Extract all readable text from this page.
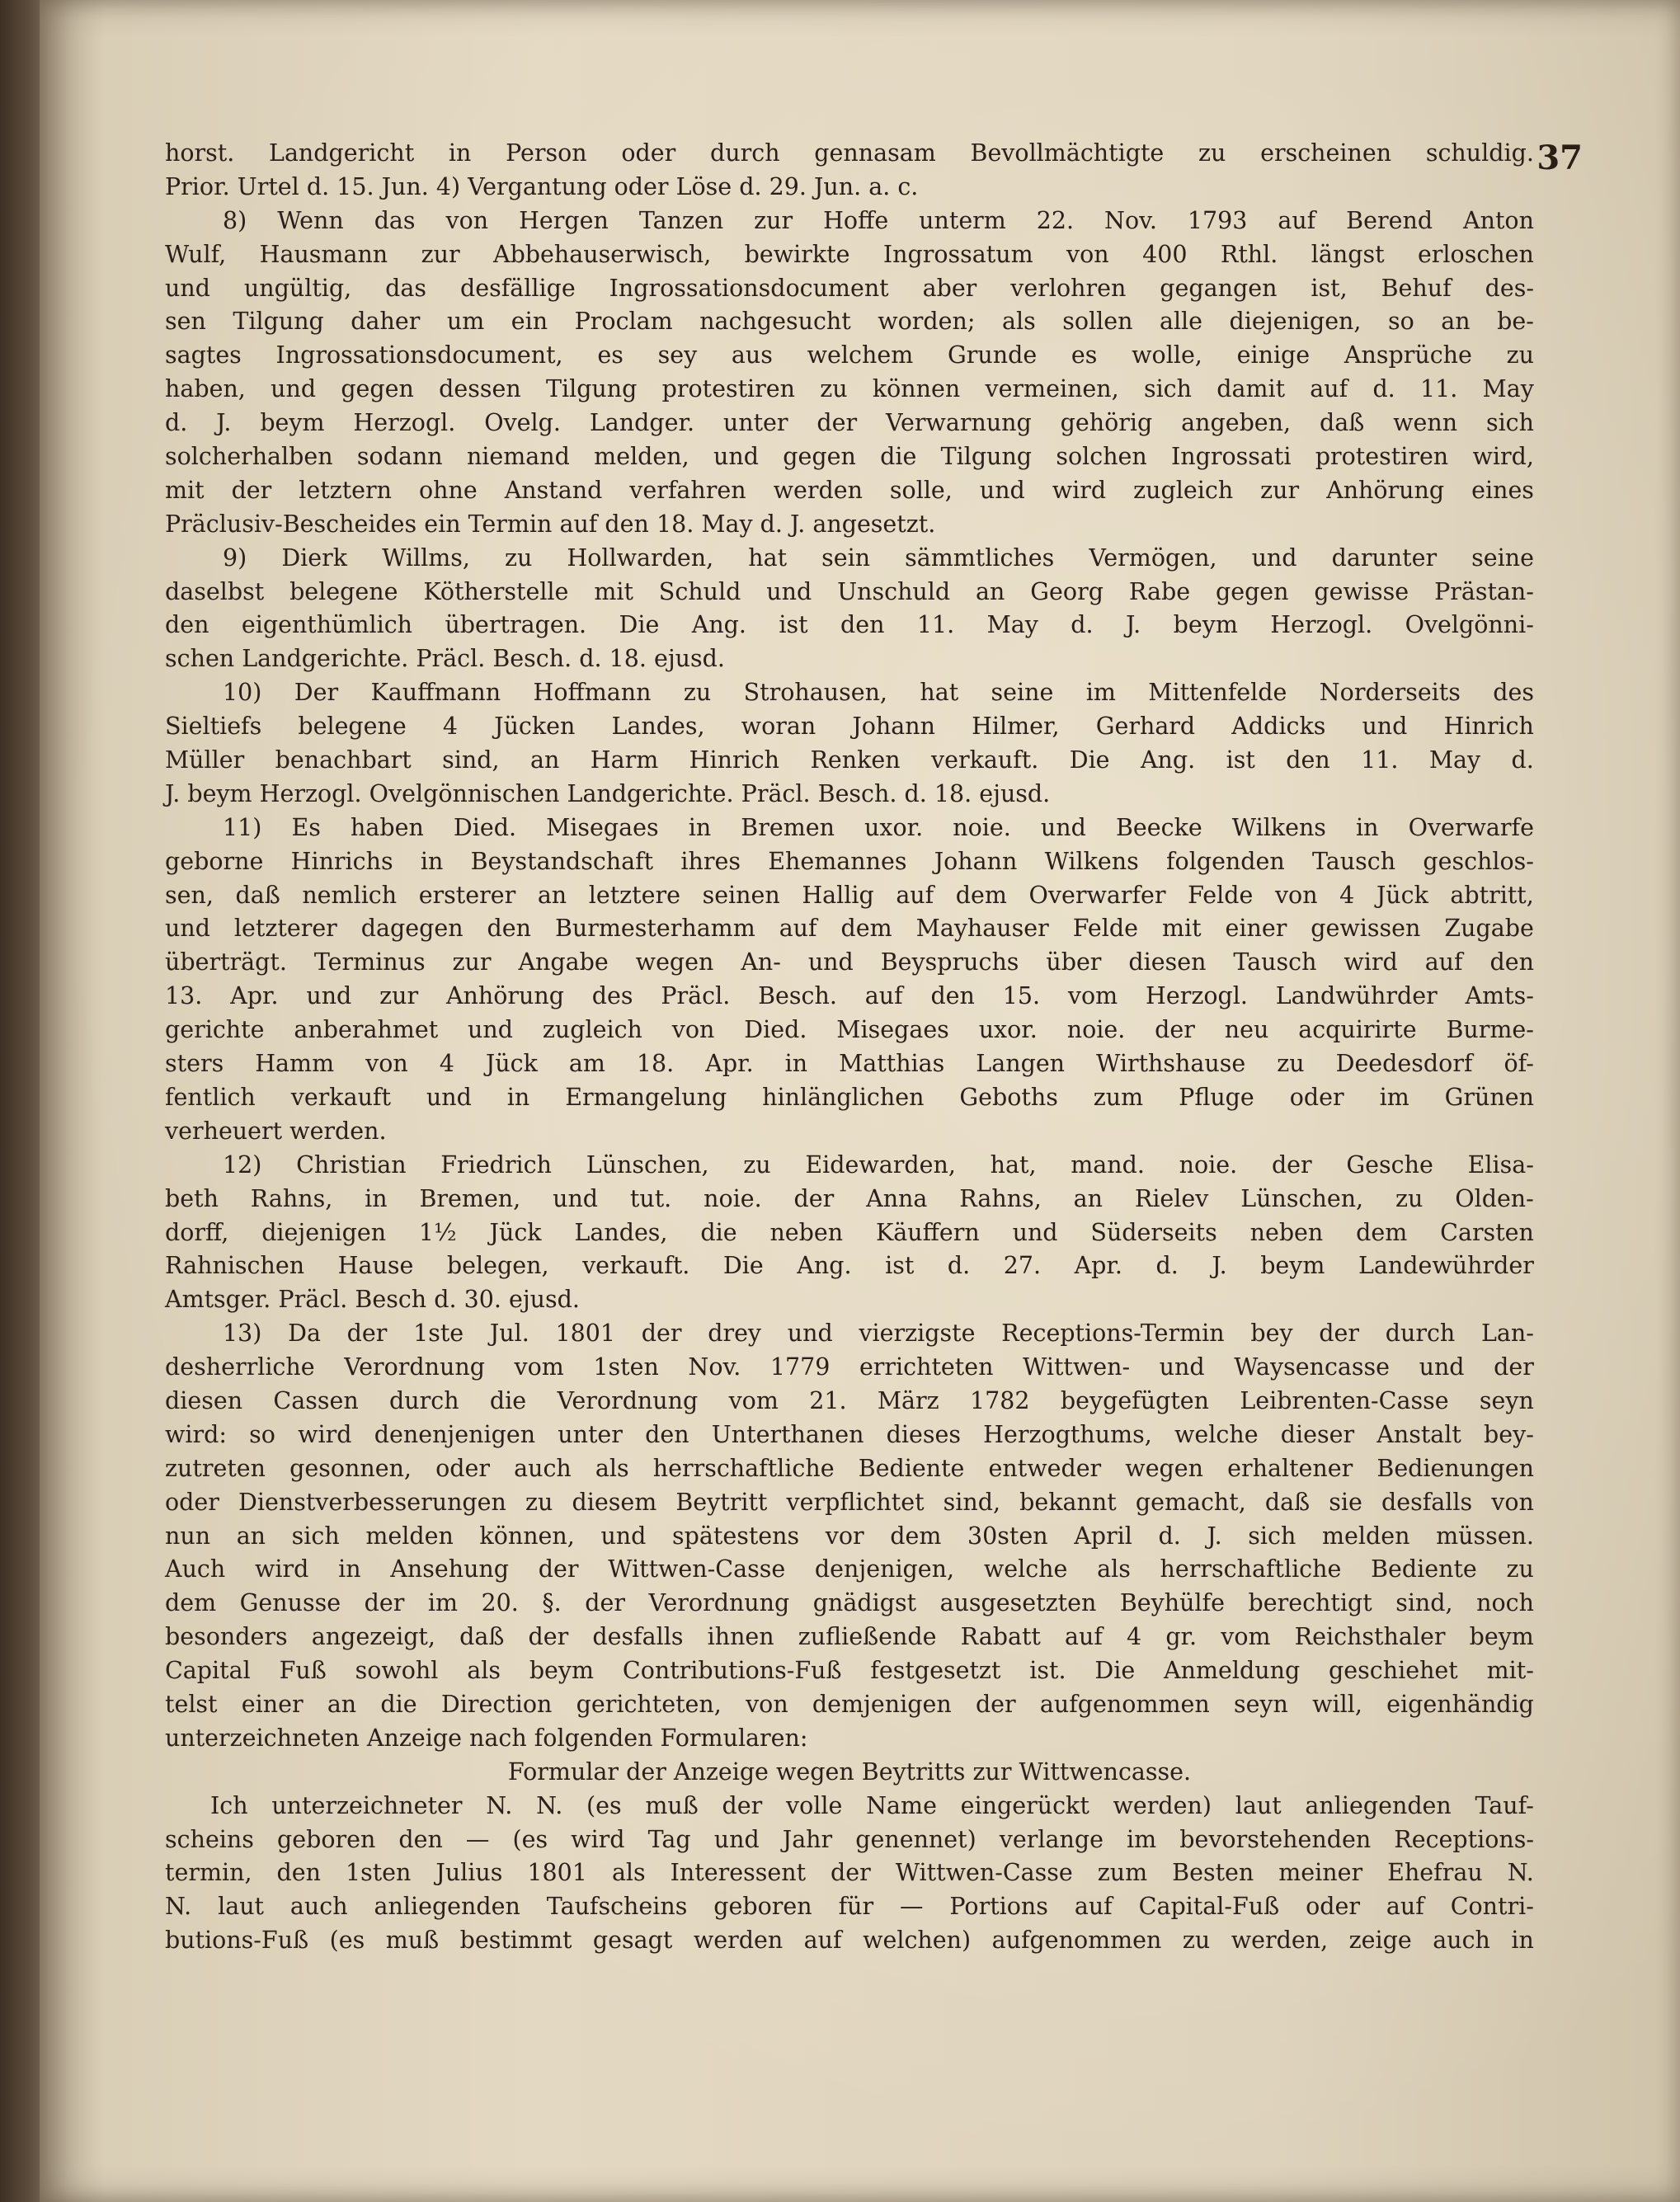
37
horst. Landgericht in Person oder durch gennasam Bevollmächtigte zu erscheinen schuldig.
Prior. Urtel d. 15. Jun. 4) Vergantung oder Löse d. 29. Jun. a. c.
8) Wenn das von Hergen Tanzen zur Hoffe unterm 22. Nov. 1793 auf Berend Anton
Wulf, Hausmann zur Abbehauserwisch, bewirkte Ingrossatum von 400 Rthl. längst erloschen
und ungültig, das desfällige Ingrossationsdocument aber verlohren gegangen ist, Behuf des-
sen Tilgung daher um ein Proclam nachgesucht worden; als sollen alle diejenigen, so an be-
sagtes Ingrossationsdocument, es sey aus welchem Grunde es wolle, einige Ansprüche zu
haben, und gegen dessen Tilgung protestiren zu können vermeinen, sich damit auf d. 11. May
d. J. beym Herzogl. Ovelg. Landger. unter der Verwarnung gehörig angeben, daß wenn sich
solcherhalben sodann niemand melden, und gegen die Tilgung solchen Ingrossati protestiren wird,
mit der letztern ohne Anstand verfahren werden solle, und wird zugleich zur Anhörung eines
Präclusiv-Bescheides ein Termin auf den 18. May d. J. angesetzt.
9) Dierk Willms, zu Hollwarden, hat sein sämmtliches Vermögen, und darunter seine
daselbst belegene Kötherstelle mit Schuld und Unschuld an Georg Rabe gegen gewisse Prästan-
den eigenthümlich übertragen. Die Ang. ist den 11. May d. J. beym Herzogl. Ovelgönni-
schen Landgerichte. Präcl. Besch. d. 18. ejusd.
10) Der Kauffmann Hoffmann zu Strohausen, hat seine im Mittenfelde Norderseits des
Sieltiefs belegene 4 Jücken Landes, woran Johann Hilmer, Gerhard Addicks und Hinrich
Müller benachbart sind, an Harm Hinrich Renken verkauft. Die Ang. ist den 11. May d.
J. beym Herzogl. Ovelgönnischen Landgerichte. Präcl. Besch. d. 18. ejusd.
11) Es haben Died. Misegaes in Bremen uxor. noie. und Beecke Wilkens in Overwarfe
geborne Hinrichs in Beystandschaft ihres Ehemannes Johann Wilkens folgenden Tausch geschlos-
sen, daß nemlich ersterer an letztere seinen Hallig auf dem Overwarfer Felde von 4 Jück abtritt,
und letzterer dagegen den Burmesterhamm auf dem Mayhauser Felde mit einer gewissen Zugabe
überträgt. Terminus zur Angabe wegen An- und Beyspruchs über diesen Tausch wird auf den
13. Apr. und zur Anhörung des Präcl. Besch. auf den 15. vom Herzogl. Landwührder Amts-
gerichte anberahmet und zugleich von Died. Misegaes uxor. noie. der neu acquirirte Burme-
sters Hamm von 4 Jück am 18. Apr. in Matthias Langen Wirthshause zu Deedesdorf öf-
fentlich verkauft und in Ermangelung hinlänglichen Geboths zum Pfluge oder im Grünen
verheuert werden.
12) Christian Friedrich Lünschen, zu Eidewarden, hat, mand. noie. der Gesche Elisa-
beth Rahns, in Bremen, und tut. noie. der Anna Rahns, an Rielev Lünschen, zu Olden-
dorff, diejenigen 1½ Jück Landes, die neben Käuffern und Süderseits neben dem Carsten
Rahnischen Hause belegen, verkauft. Die Ang. ist d. 27. Apr. d. J. beym Landewührder
Amtsger. Präcl. Besch d. 30. ejusd.
13) Da der 1ste Jul. 1801 der drey und vierzigste Receptions-Termin bey der durch Lan-
desherrliche Verordnung vom 1sten Nov. 1779 errichteten Wittwen- und Waysencasse und der
diesen Cassen durch die Verordnung vom 21. März 1782 beygefügten Leibrenten-Casse seyn
wird: so wird denenjenigen unter den Unterthanen dieses Herzogthums, welche dieser Anstalt bey-
zutreten gesonnen, oder auch als herrschaftliche Bediente entweder wegen erhaltener Bedienungen
oder Dienstverbesserungen zu diesem Beytritt verpflichtet sind, bekannt gemacht, daß sie desfalls von
nun an sich melden können, und spätestens vor dem 30sten April d. J. sich melden müssen.
Auch wird in Ansehung der Wittwen-Casse denjenigen, welche als herrschaftliche Bediente zu
dem Genusse der im 20. §. der Verordnung gnädigst ausgesetzten Beyhülfe berechtigt sind, noch
besonders angezeigt, daß der desfalls ihnen zufließende Rabatt auf 4 gr. vom Reichsthaler beym
Capital Fuß sowohl als beym Contributions-Fuß festgesetzt ist. Die Anmeldung geschiehet mit-
telst einer an die Direction gerichteten, von demjenigen der aufgenommen seyn will, eigenhändig
unterzeichneten Anzeige nach folgenden Formularen:
Formular der Anzeige wegen Beytritts zur Wittwencasse.
Ich unterzeichneter N. N. (es muß der volle Name eingerückt werden) laut anliegenden Tauf-
scheins geboren den — (es wird Tag und Jahr genennet) verlange im bevorstehenden Receptions-
termin, den 1sten Julius 1801 als Interessent der Wittwen-Casse zum Besten meiner Ehefrau N.
N. laut auch anliegenden Taufscheins geboren für — Portions auf Capital-Fuß oder auf Contri-
butions-Fuß (es muß bestimmt gesagt werden auf welchen) aufgenommen zu werden, zeige auch in
